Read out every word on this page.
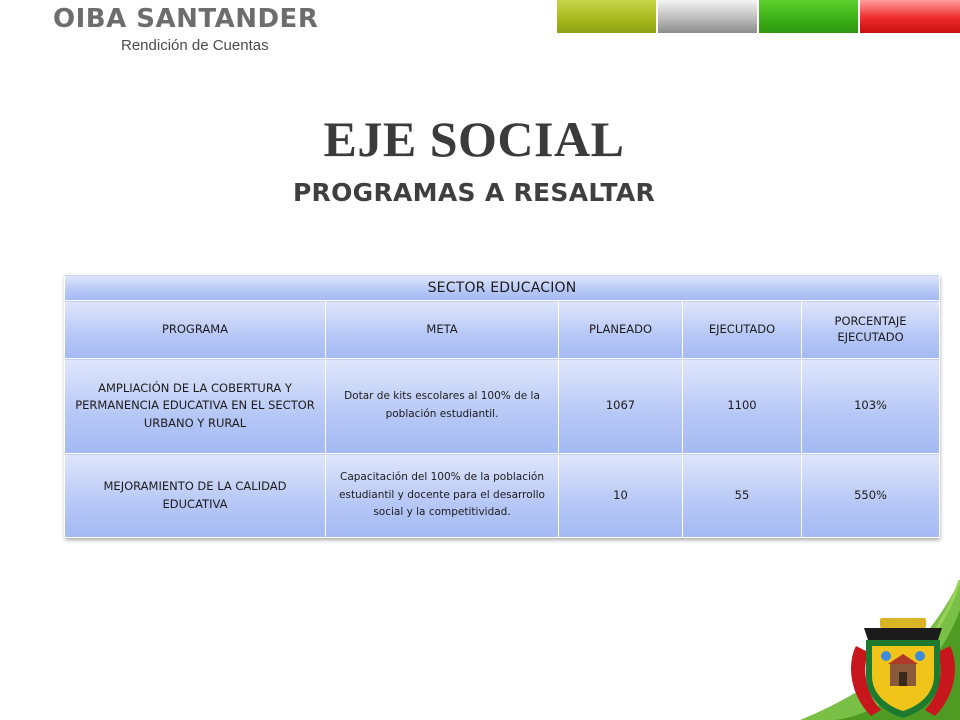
OIBA SANTANDER
Rendición de Cuentas
EJE SOCIAL
PROGRAMAS A RESALTAR
SECTOR EDUCACION				
PROGRAMA	META	PLANEADO	EJECUTADO	PORCENTAJE EJECUTADO
AMPLIACIÓN DE LA COBERTURA Y PERMANENCIA EDUCATIVA EN EL SECTOR URBANO Y RURAL	Dotar de kits escolares al 100% de la población estudiantil.	1067	1100	103%
MEJORAMIENTO DE LA CALIDAD EDUCATIVA	Capacitación del 100% de la población estudiantil y docente para el desarrollo social y la competitividad.	10	55	550%
